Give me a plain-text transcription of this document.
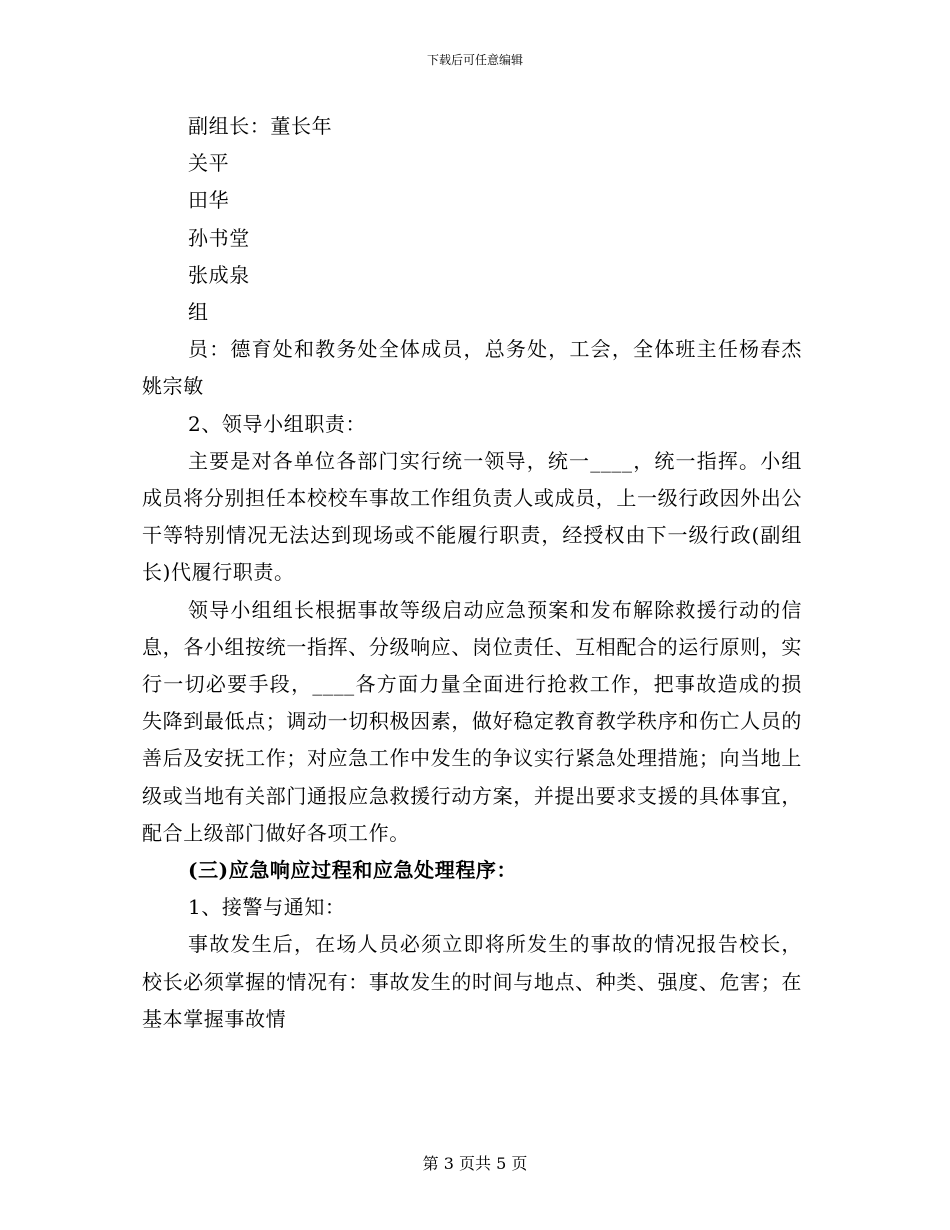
下载后可任意编辑

副组长：董长年

关平

田华

孙书堂

张成泉

组

员：德育处和教务处全体成员，总务处，工会，全体班主任杨春杰姚宗敏

2、领导小组职责：

主要是对各单位各部门实行统一领导，统一____，统一指挥。小组成员将分别担任本校校车事故工作组负责人或成员，上一级行政因外出公干等特别情况无法达到现场或不能履行职责，经授权由下一级行政(副组长)代履行职责。

领导小组组长根据事故等级启动应急预案和发布解除救援行动的信息，各小组按统一指挥、分级响应、岗位责任、互相配合的运行原则，实行一切必要手段，____各方面力量全面进行抢救工作，把事故造成的损失降到最低点；调动一切积极因素，做好稳定教育教学秩序和伤亡人员的善后及安抚工作；对应急工作中发生的争议实行紧急处理措施；向当地上级或当地有关部门通报应急救援行动方案，并提出要求支援的具体事宜，配合上级部门做好各项工作。

(三)应急响应过程和应急处理程序：

1、接警与通知：

事故发生后，在场人员必须立即将所发生的事故的情况报告校长，校长必须掌握的情况有：事故发生的时间与地点、种类、强度、危害；在基本掌握事故情

第 3 页共 5 页
